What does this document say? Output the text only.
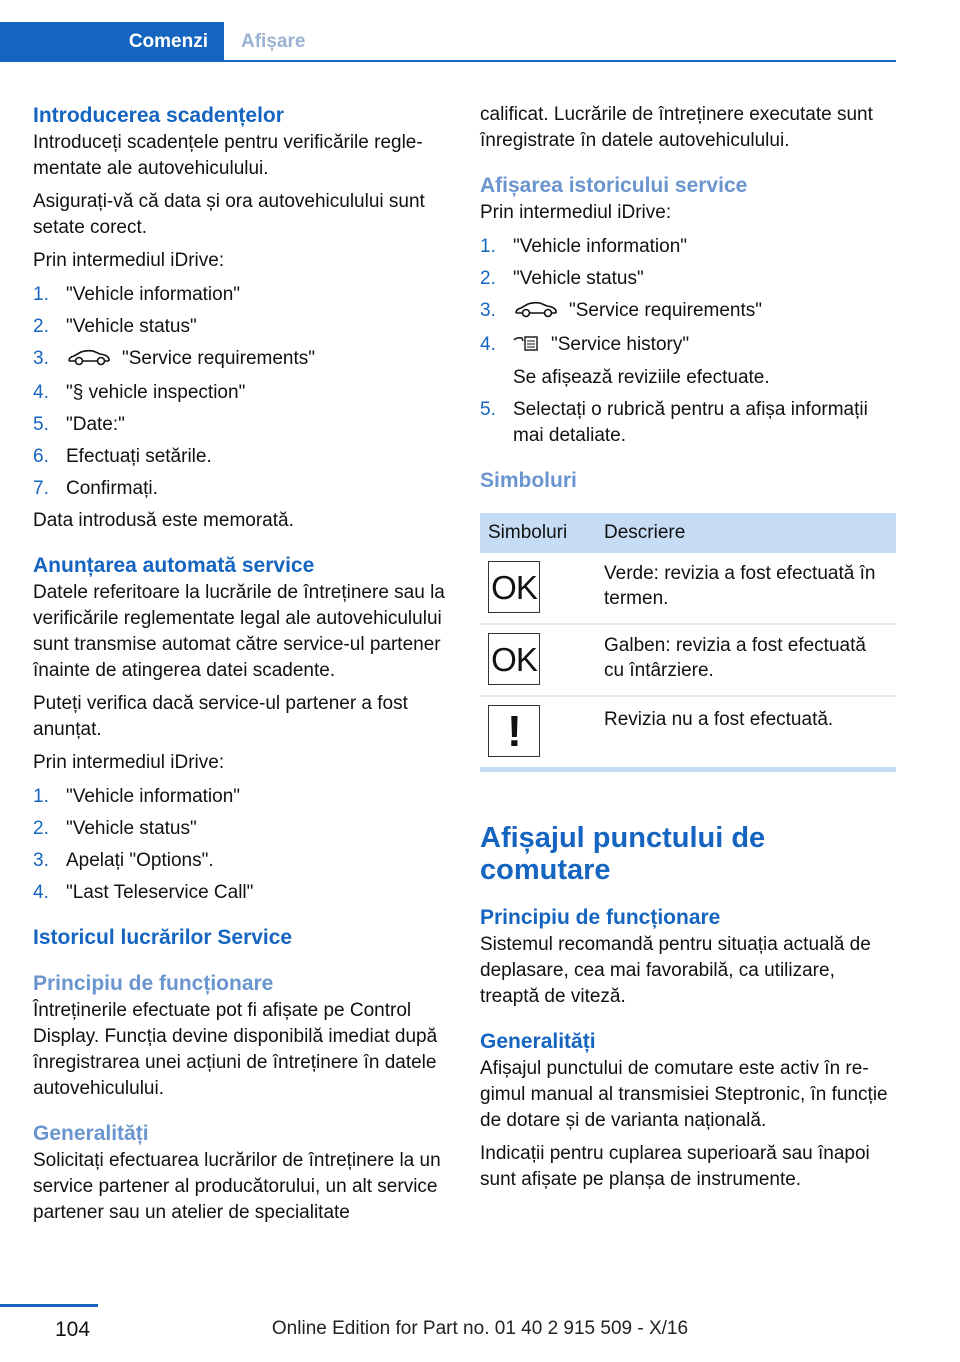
Comenzi	Afișare
Introducerea scadențelor

Introduceți scadențele pentru verificările reglementate ale autovehiculului.

Asigurați-vă că data și ora autovehiculului sunt setate corect.

Prin intermediul iDrive:

1. "Vehicle information"
2. "Vehicle status"
3.	"Service requirements"
4. "§ vehicle inspection"
5. "Date:"
6. Efectuați setările.
7. Confirmați.

Data introdusă este memorată.

Anunțarea automată service

Datele referitoare la lucrările de întreținere sau la verificările reglementate legal ale autovehiculului sunt transmise automat către service-ul partener înainte de atingerea datei scadente.

Puteți verifica dacă service-ul partener a fost anunțat.

Prin intermediul iDrive:

1. "Vehicle information"
2. "Vehicle status"
3. Apelați "Options".
4. "Last Teleservice Call"
Istoricul lucrărilor Service
Principiu de funcționare

Întreținerile efectuate pot fi afișate pe Control Display. Funcția devine disponibilă imediat după înregistrarea unei acțiuni de întreținere în datele autovehiculului.

Generalități

Solicitați efectuarea lucrărilor de întreținere la un service partener al producătorului, un alt service partener sau un atelier de specialitate

calificat. Lucrările de întreținere executate sunt înregistrate în datele autovehiculului.

Afișarea istoricului service

Prin intermediul iDrive:

1. "Vehicle information"
2. "Vehicle status"
3.	"Service requirements"
4.	"Service history"
Se afișează reviziile efectuate.
5. Selectați o rubrică pentru a afișa informații mai detaliate.
Simboluri
Simboluri	Descriere

OK	Verde: revizia a fost efectuată în termen.

OK	Galben: revizia a fost efectuată cu întârziere.

!	Revizia nu a fost efectuată.
Afișajul punctului de comutare
Principiu de funcționare

Sistemul recomandă pentru situația actuală de deplasare, cea mai favorabilă, ca utilizare, treaptă de viteză.

Generalități

Afișajul punctului de comutare este activ în regimul manual al transmisiei Steptronic, în funcție de dotare și de varianta națională.

Indicații pentru cuplarea superioară sau înapoi sunt afișate pe planșa de instrumente.

104	Online Edition for Part no. 01 40 2 915 509 - X/16
